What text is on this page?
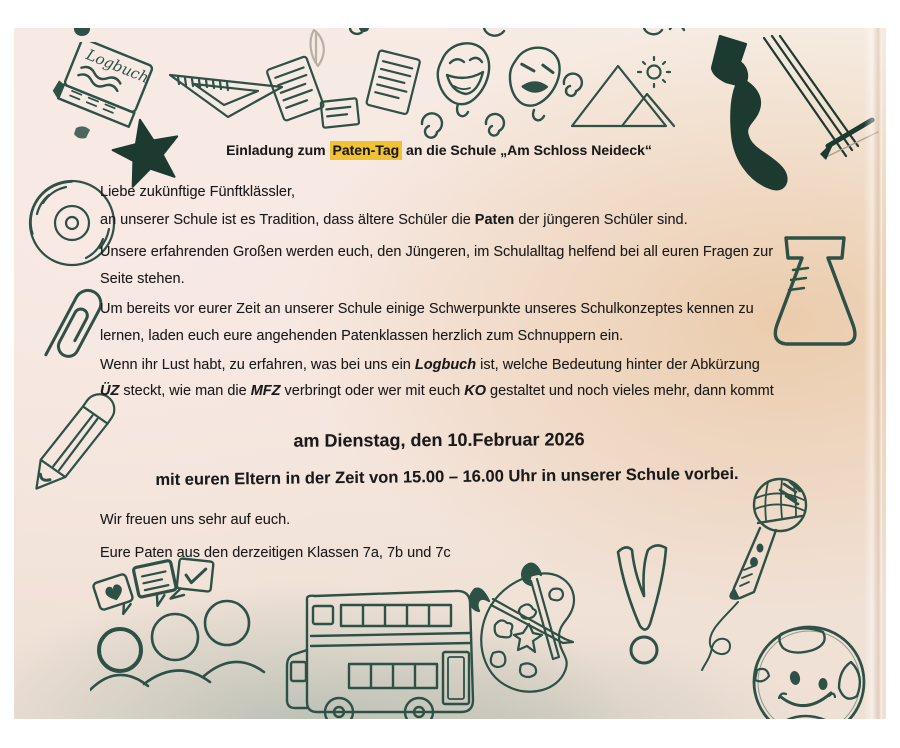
Logbuch

Einladung zum Paten-Tag an die Schule „Am Schloss Neideck“

Liebe zukünftige Fünftklässler,

an unserer Schule ist es Tradition, dass ältere Schüler die Paten der jüngeren Schüler sind.

Unsere erfahrenden Großen werden euch, den Jüngeren, im Schulalltag helfend bei all euren Fragen zur Seite stehen.

Um bereits vor eurer Zeit an unserer Schule einige Schwerpunkte unseres Schulkonzeptes kennen zu lernen, laden euch eure angehenden Patenklassen herzlich zum Schnuppern ein.

Wenn ihr Lust habt, zu erfahren, was bei uns ein Logbuch ist, welche Bedeutung hinter der Abkürzung ÜZ steckt, wie man die MFZ verbringt oder wer mit euch KO gestaltet und noch vieles mehr, dann kommt

am Dienstag, den 10.Februar 2026

Wir freuen uns sehr auf euch.

Eure Paten aus den derzeitigen Klassen 7a, 7b und 7c

mit euren Eltern in der Zeit von 15.00 – 16.00 Uhr in unserer Schule vorbei.
